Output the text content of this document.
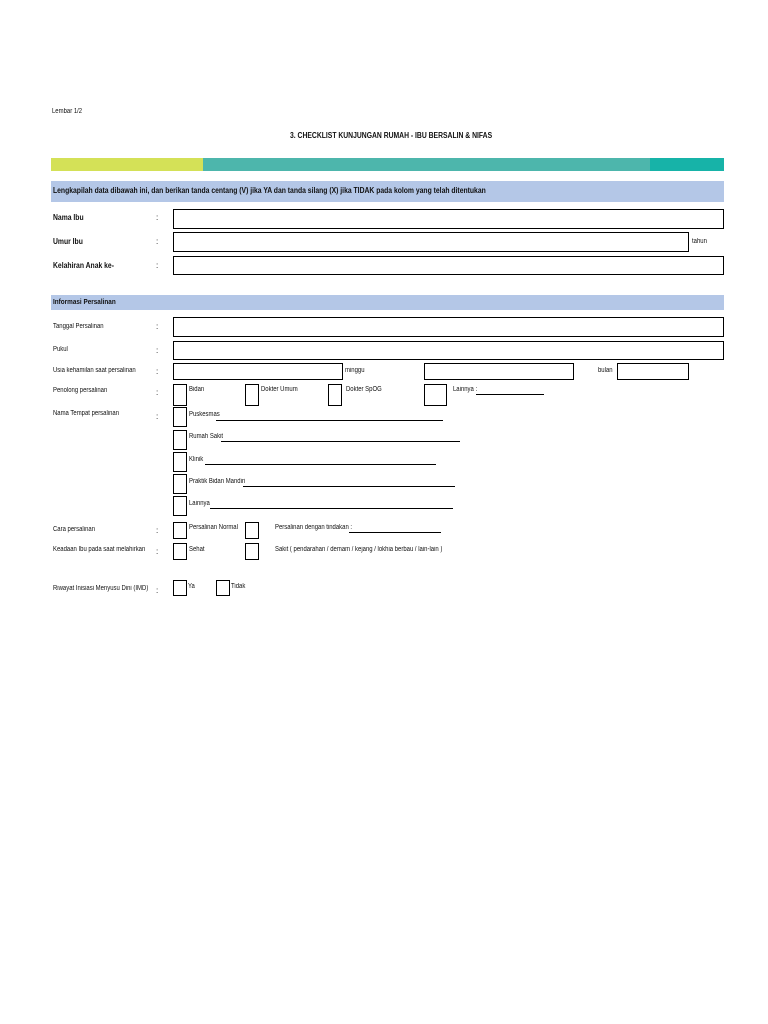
Lembar 1/2
3. CHECKLIST KUNJUNGAN RUMAH - IBU BERSALIN & NIFAS
Lengkapilah data dibawah ini, dan berikan tanda centang (V) jika YA dan tanda silang (X) jika TIDAK pada kolom yang telah ditentukan
Nama Ibu	:
Umur Ibu	:	tahun
Kelahiran Anak ke-	:
Informasi Persalinan
Tanggal Persalinan	:
Pukul	:
Usia kehamilan saat persalinan	:	minggu	bulan
Penolong persalinan	:	Bidan	Dokter Umum	Dokter SpOG	Lainnya :
Nama Tempat persalinan	:	Puskesmas
Rumah Sakit
Klinik
Praktik Bidan Mandiri
Lainnya
Cara persalinan	:	Persalinan Normal	Persalinan dengan tindakan :
Keadaan Ibu pada saat melahirkan :	Sehat	Sakit ( pendarahan / demam / kejang / lokhia berbau / lain-lain )
Riwayat Inisiasi Menyusu Dini (IMD) :	Ya	Tidak
